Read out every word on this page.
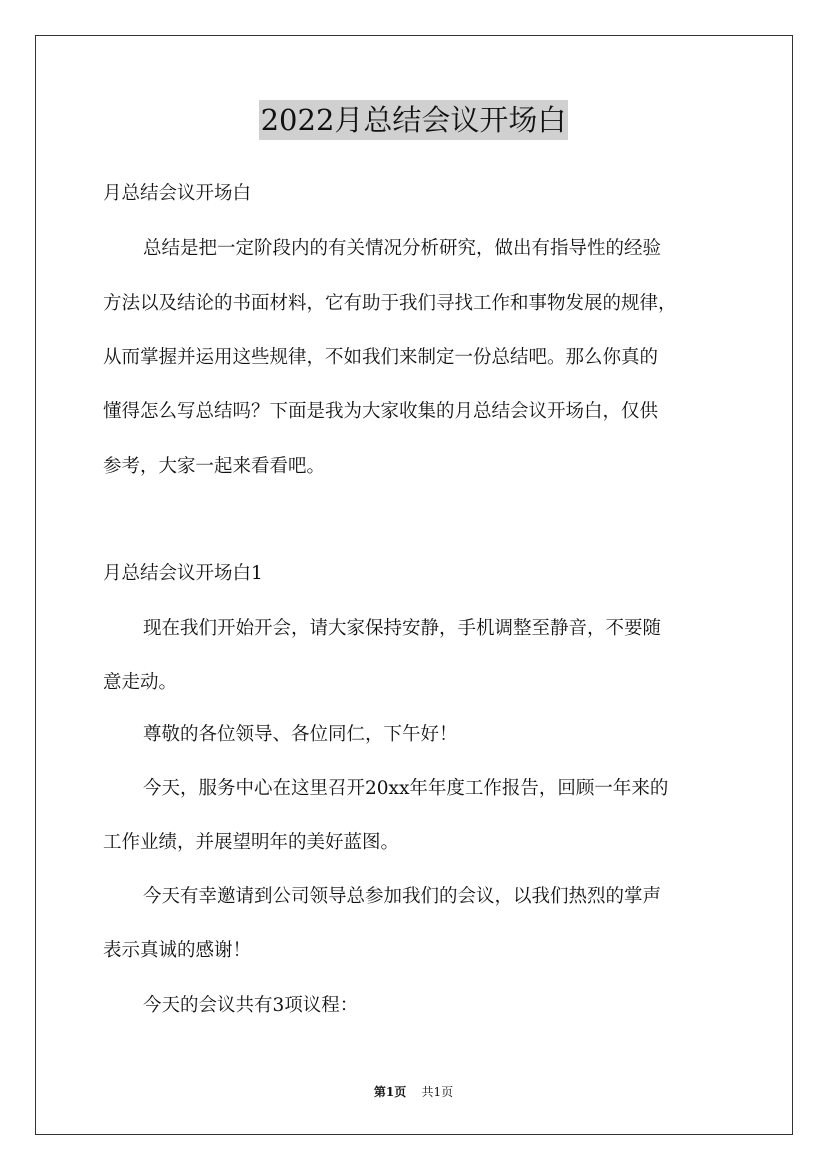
2022月总结会议开场白
月总结会议开场白
总结是把一定阶段内的有关情况分析研究，做出有指导性的经验
方法以及结论的书面材料，它有助于我们寻找工作和事物发展的规律，
从而掌握并运用这些规律，不如我们来制定一份总结吧。那么你真的
懂得怎么写总结吗？下面是我为大家收集的月总结会议开场白，仅供
参考，大家一起来看看吧。
月总结会议开场白1
现在我们开始开会，请大家保持安静，手机调整至静音，不要随
意走动。
尊敬的各位领导、各位同仁，下午好！
今天，服务中心在这里召开20xx年年度工作报告，回顾一年来的
工作业绩，并展望明年的美好蓝图。
今天有幸邀请到公司领导总参加我们的会议，以我们热烈的掌声
表示真诚的感谢！
今天的会议共有3项议程：
第1页 共1页
